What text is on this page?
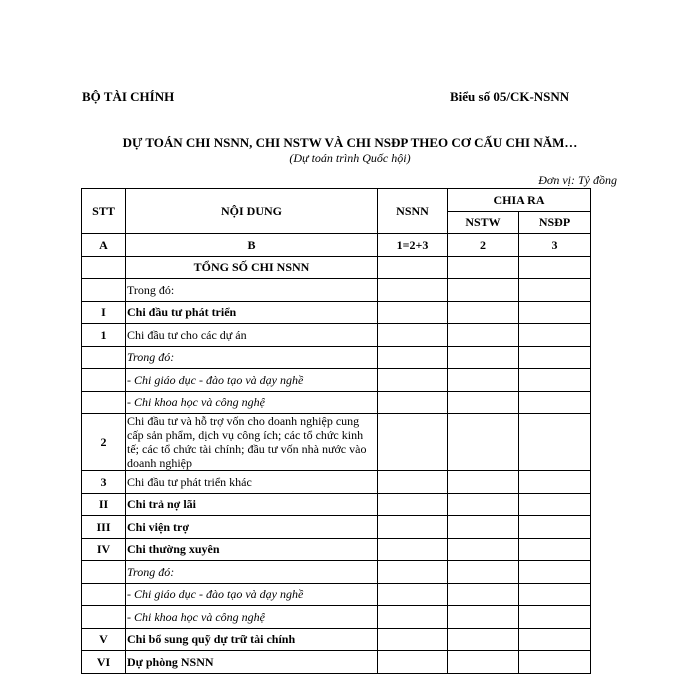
BỘ TÀI CHÍNH	Biểu số 05/CK-NSNN
DỰ TOÁN CHI NSNN, CHI NSTW VÀ CHI NSĐP THEO CƠ CẤU CHI NĂM…
(Dự toán trình Quốc hội)
Đơn vị: Tỷ đồng
STT	NỘI DUNG	NSNN	CHIA RA	
			NSTW	NSĐP
A	B	1=2+3	2	3
	TỔNG SỐ CHI NSNN			
	Trong đó:			
I	Chi đầu tư phát triển			
1	Chi đầu tư cho các dự án			
	Trong đó:			
	- Chi giáo dục - đào tạo và dạy nghề			
	- Chi khoa học và công nghệ			
2	Chi đầu tư và hỗ trợ vốn cho doanh nghiệp cung cấp sản phẩm, dịch vụ công ích; các tổ chức kinh tế; các tổ chức tài chính; đầu tư vốn nhà nước vào doanh nghiệp			
3	Chi đầu tư phát triển khác			
II	Chi trả nợ lãi			
III	Chi viện trợ			
IV	Chi thường xuyên			
	Trong đó:			
	- Chi giáo dục - đào tạo và dạy nghề			
	- Chi khoa học và công nghệ			
V	Chi bổ sung quỹ dự trữ tài chính			
VI	Dự phòng NSNN			
